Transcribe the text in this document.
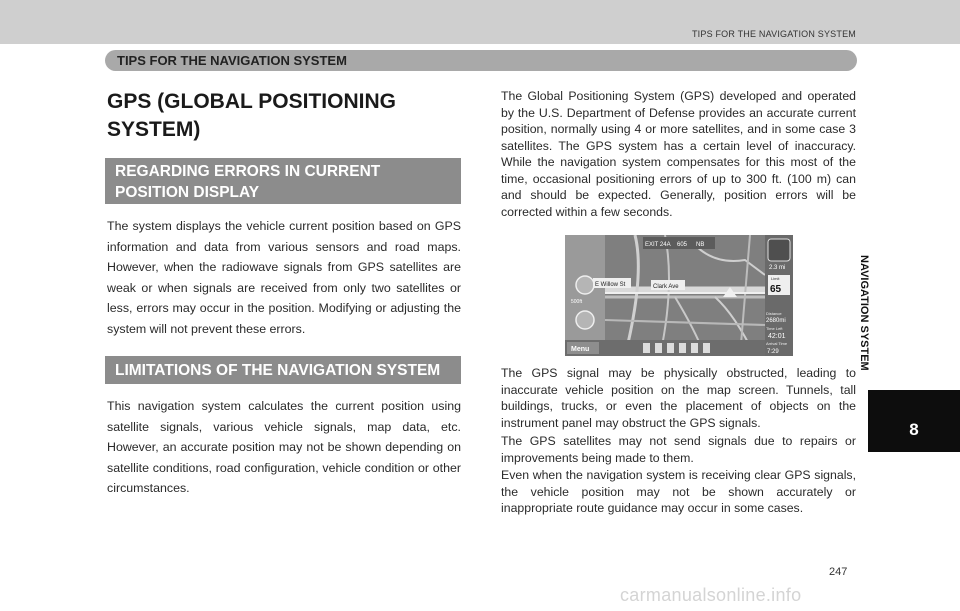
TIPS FOR THE NAVIGATION SYSTEM
TIPS FOR THE NAVIGATION SYSTEM
GPS (GLOBAL POSITIONING SYSTEM)
REGARDING ERRORS IN CURRENT POSITION DISPLAY
The system displays the vehicle current position based on GPS information and data from various sensors and road maps. However, when the radiowave signals from GPS satellites are weak or when signals are received from only two satellites or less, errors may occur in the position. Modifying or adjusting the system will not prevent these errors.
LIMITATIONS OF THE NAVIGATION SYSTEM
This navigation system calculates the current position using satellite signals, various vehicle signals, map data, etc. However, an accurate position may not be shown depending on satellite conditions, road configuration, vehicle condition or other circumstances.
The Global Positioning System (GPS) developed and operated by the U.S. Department of Defense provides an accurate current position, normally using 4 or more satellites, and in some case 3 satellites. The GPS system has a certain level of inaccuracy. While the navigation system compensates for this most of the time, occasional positioning errors of up to 300 ft. (100 m) can and should be expected. Generally, position errors will be corrected within a few seconds.
EXIT 24A 605 NB
2.3 mi
E Willow St	Clark Ave
500ft
Limit
65
Distance
2680mi
Time Left
42:01
Arrival Time
7:29
Menu
The GPS signal may be physically obstructed, leading to inaccurate vehicle position on the map screen. Tunnels, tall buildings, trucks, or even the placement of objects on the instrument panel may obstruct the GPS signals.
The GPS satellites may not send signals due to repairs or improvements being made to them.
Even when the navigation system is receiving clear GPS signals, the vehicle position may not be shown accurately or inappropriate route guidance may occur in some cases.
NAVIGATION SYSTEM
8
247
carmanualsonline.info
